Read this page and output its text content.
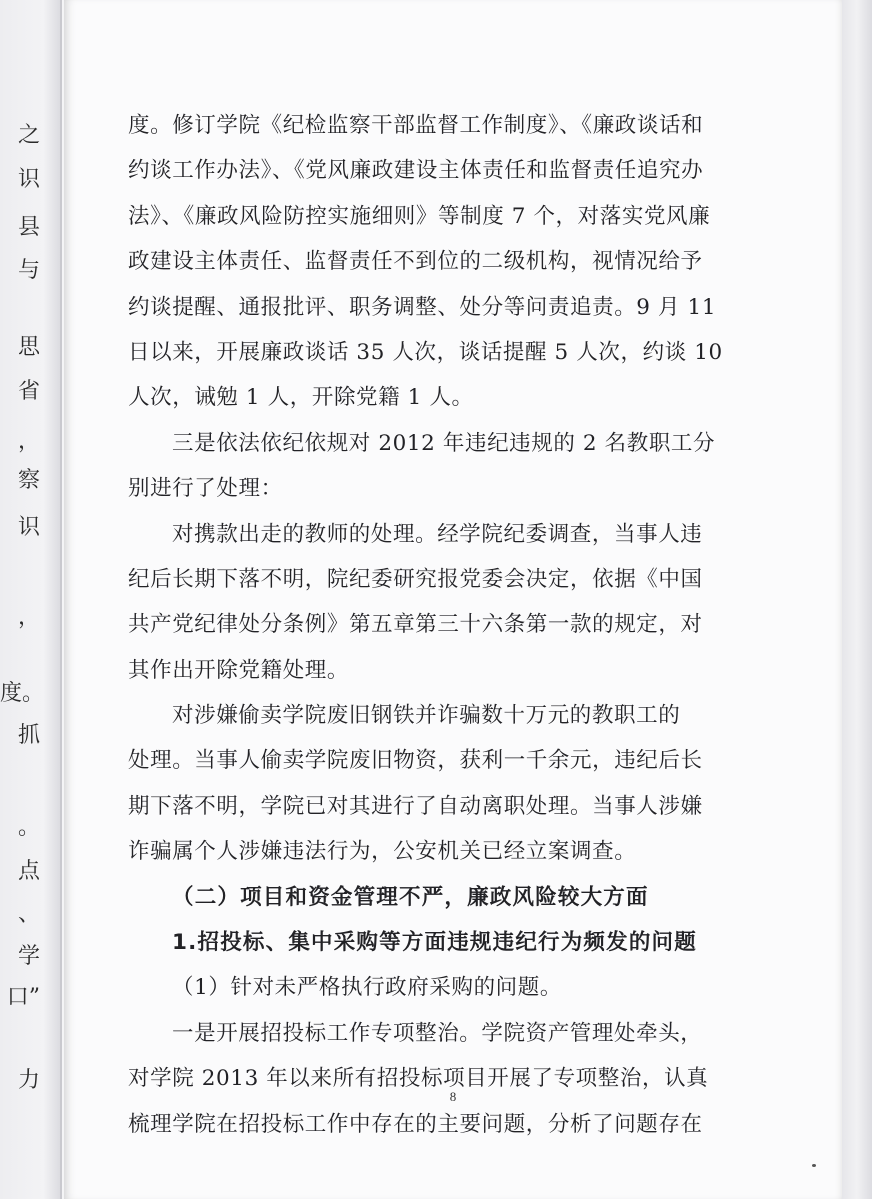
之
识
县
与
思
省
，
察
识
，
度。
抓
。
点
、
学
口”
力
度。修订学院《纪检监察干部监督工作制度》、《廉政谈话和
约谈工作办法》、《党风廉政建设主体责任和监督责任追究办
法》、《廉政风险防控实施细则》等制度 7 个，对落实党风廉
政建设主体责任、监督责任不到位的二级机构，视情况给予
约谈提醒、通报批评、职务调整、处分等问责追责。9 月 11
日以来，开展廉政谈话 35 人次，谈话提醒 5 人次，约谈 10
人次，诫勉 1 人，开除党籍 1 人。
三是依法依纪依规对 2012 年违纪违规的 2 名教职工分
别进行了处理：
对携款出走的教师的处理。经学院纪委调查，当事人违
纪后长期下落不明，院纪委研究报党委会决定，依据《中国
共产党纪律处分条例》第五章第三十六条第一款的规定，对
其作出开除党籍处理。
对涉嫌偷卖学院废旧钢铁并诈骗数十万元的教职工的
处理。当事人偷卖学院废旧物资，获利一千余元，违纪后长
期下落不明，学院已对其进行了自动离职处理。当事人涉嫌
诈骗属个人涉嫌违法行为，公安机关已经立案调查。
（二）项目和资金管理不严，廉政风险较大方面
1.招投标、集中采购等方面违规违纪行为频发的问题
（1）针对未严格执行政府采购的问题。
一是开展招投标工作专项整治。学院资产管理处牵头，
对学院 2013 年以来所有招投标项目开展了专项整治，认真
梳理学院在招投标工作中存在的主要问题，分析了问题存在
8
